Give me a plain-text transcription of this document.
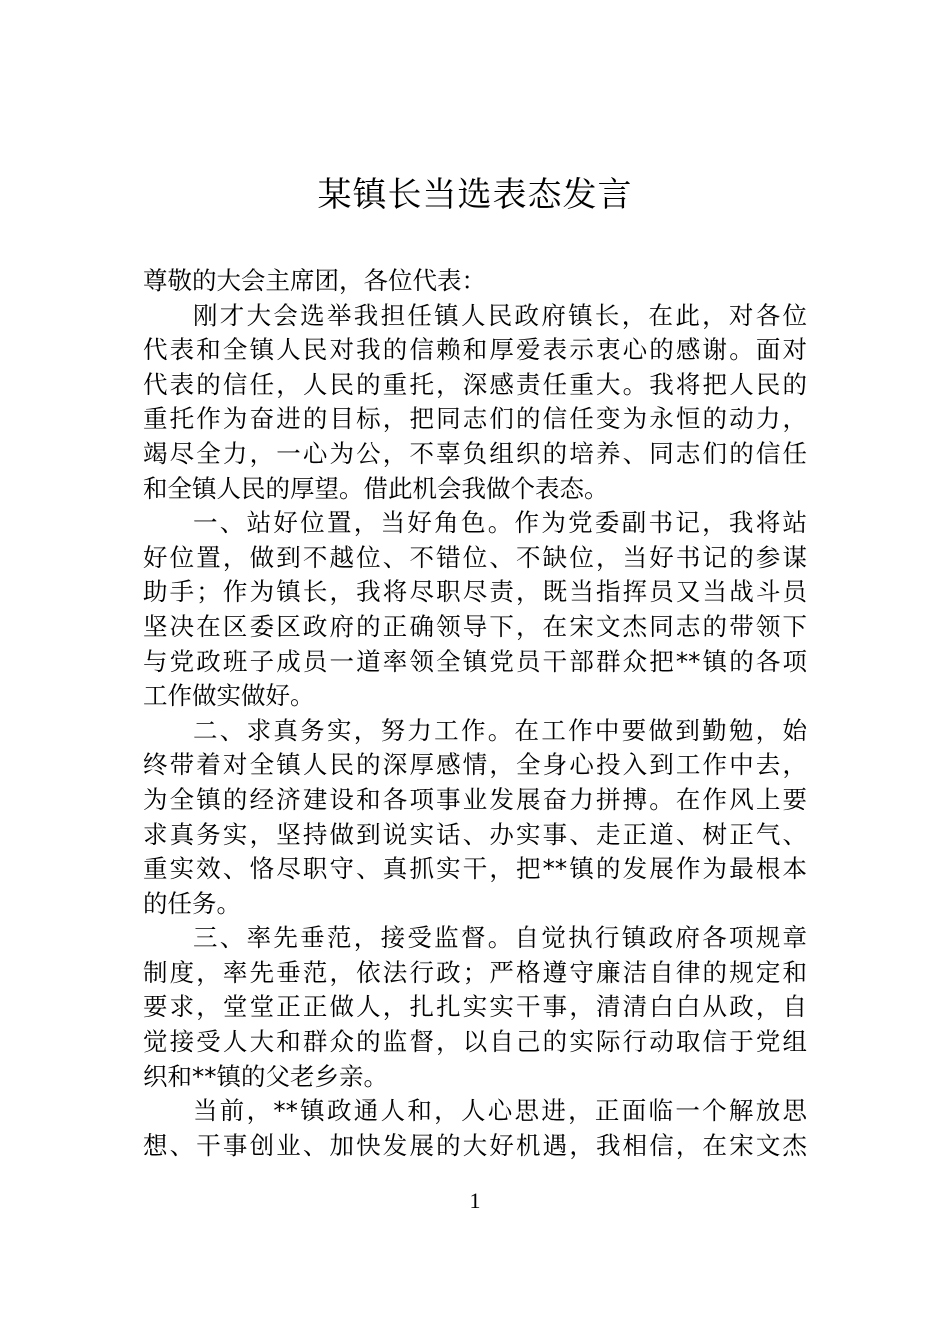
某镇长当选表态发言
尊敬的大会主席团，各位代表：
刚才大会选举我担任镇人民政府镇长，在此，对各位
代表和全镇人民对我的信赖和厚爱表示衷心的感谢。面对
代表的信任，人民的重托，深感责任重大。我将把人民的
重托作为奋进的目标，把同志们的信任变为永恒的动力，
竭尽全力，一心为公，不辜负组织的培养、同志们的信任
和全镇人民的厚望。借此机会我做个表态。
一、站好位置，当好角色。作为党委副书记，我将站
好位置，做到不越位、不错位、不缺位，当好书记的参谋
助手；作为镇长，我将尽职尽责，既当指挥员又当战斗员
坚决在区委区政府的正确领导下，在宋文杰同志的带领下
与党政班子成员一道率领全镇党员干部群众把**镇的各项
工作做实做好。
二、求真务实，努力工作。在工作中要做到勤勉，始
终带着对全镇人民的深厚感情，全身心投入到工作中去，
为全镇的经济建设和各项事业发展奋力拼搏。在作风上要
求真务实，坚持做到说实话、办实事、走正道、树正气、
重实效、恪尽职守、真抓实干，把**镇的发展作为最根本
的任务。
三、率先垂范，接受监督。自觉执行镇政府各项规章
制度，率先垂范，依法行政；严格遵守廉洁自律的规定和
要求，堂堂正正做人，扎扎实实干事，清清白白从政，自
觉接受人大和群众的监督，以自己的实际行动取信于党组
织和**镇的父老乡亲。
当前，**镇政通人和，人心思进，正面临一个解放思
想、干事创业、加快发展的大好机遇，我相信，在宋文杰
1
